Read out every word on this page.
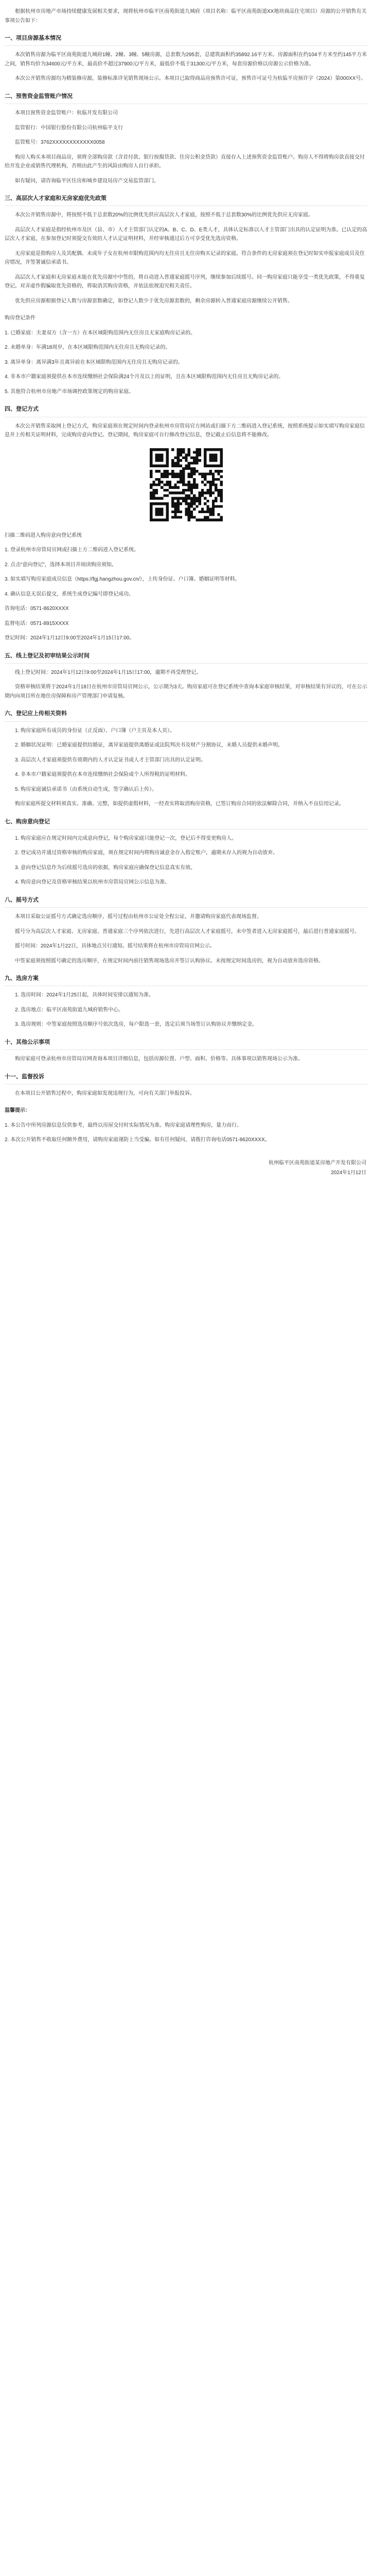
根据杭州市房地产市场持续健康发展相关要求，现将杭州市临平区南苑街道九城府（项目名称：临平区南苑街道XX地块商品住宅项目）房源的公开销售有关事项公告如下：

一、项目房源基本情况

本次销售房源为临平区南苑街道九城府1幢、2幢、3幢、5幢房源，总套数为295套，总建筑面积约35892.16平方米。房源面积在约104平方米至约145平方米之间，销售均价为34600元/平方米，最高价不超过37900元/平方米，最低价不低于31300元/平方米，每套房源价格以房源公示价格为准。

本次公开销售房源均为精装修房源，装修标准详见销售现场公示。本项目已取得商品房预售许可证，预售许可证号为杭临平房预许字（2024）第000XX号。

二、预售资金监管账户情况

本项目预售资金监管账户：杭临开发有限公司

监管银行：中国银行股份有限公司杭州临平支行

监管账号：3762XXXXXXXXXXXX0058

购房人购买本项目商品房，须将全部购房款（含首付款、银行按揭贷款、住房公积金贷款）直接存入上述预售资金监管账户。购房人不得将购房款直接交付给开发企业或销售代理机构，否则由此产生的风险由购房人自行承担。

如有疑问，请咨询临平区住房和城乡建设局房产交易监管部门。

三、高层次人才家庭和无房家庭优先政策

本次公开销售房源中，将按照不低于总套数20%的比例优先供应高层次人才家庭，按照不低于总套数30%的比例优先供应无房家庭。

高层次人才家庭是指经杭州市及区（县、市）人才主管部门认定的A、B、C、D、E类人才，具体认定标准以人才主管部门出具的认定证明为准。已认定的高层次人才家庭，在参加登记时须提交有效的人才认定证明材料，并经审核通过后方可享受优先选房资格。

无房家庭是指购房人及其配偶、未成年子女在杭州市限购范围内均无住房且无住房购买记录的家庭。符合条件的无房家庭须在登记时如实申报家庭成员及住房情况，并签署诚信承诺书。

高层次人才家庭和无房家庭未能在优先房源中中签的，将自动进入普通家庭摇号序列，继续参加后续摇号。同一购房家庭只能享受一类优先政策，不得重复登记。对弄虚作假骗取优先资格的，将取消其购房资格，并依法依规追究相关责任。

优先供应房源根据登记人数与房源套数确定，如登记人数少于优先房源套数的，剩余房源转入普通家庭房源继续公开销售。

购房登记条件

1. 已婚家庭：夫妻双方（含一方）在本区域限购范围内无住房且无家庭购房记录的。

2. 未婚单身：年满18周岁，在本区域限购范围内无住房且无购房记录的。

3. 离异单身：离异满3年且离异前在本区域限购范围内无住房且无购房记录的。

4. 非本市户籍家庭须提供在本市连续缴纳社会保险满24个月及以上的证明，且在本区域限购范围内无住房且无购房记录的。

5. 其他符合杭州市房地产市场调控政策规定的购房家庭。

四、登记方式

本次公开销售采取网上登记方式，购房家庭须在规定时间内登录杭州市房管局官方网站或扫描下方二维码进入登记系统，按照系统提示如实填写购房家庭信息并上传相关证明材料，完成购房意向登记。登记期间，购房家庭可自行修改登记信息，登记截止后信息将不能修改。

扫描二维码进入购房意向登记系统

1. 登录杭州市房管局官网或扫描上方二维码进入登记系统。

2. 点击“意向登记”，选择本项目并阅读购房须知。

3. 如实填写购房家庭成员信息（https://fgj.hangzhou.gov.cn/），上传身份证、户口簿、婚姻证明等材料。

4. 确认信息无误后提交，系统生成登记编号即登记成功。

咨询电话：0571-8620XXXX

监督电话：0571-8915XXXX

登记时间：2024年1月12日9:00至2024年1月15日17:00。

五、线上登记及初审结果公示时间

线上登记时间：2024年1月12日9:00至2024年1月15日17:00，逾期不再受理登记。

资格审核结果将于2024年1月18日在杭州市房管局官网公示，公示期为3天。购房家庭可在登记系统中查询本家庭审核结果，对审核结果有异议的，可在公示期内向项目所在地住房保障和房产管理部门申请复核。

六、登记应上传相关资料

1. 购房家庭所有成员的身份证（正反面）、户口簿（户主页及本人页）。

2. 婚姻状况证明：已婚家庭提供结婚证，离异家庭提供离婚证或法院判决书及财产分割协议，未婚人员提供未婚声明。

3. 高层次人才家庭须提供有效期内的人才认定证书或人才主管部门出具的认定证明。

4. 非本市户籍家庭须提供在本市连续缴纳社会保险或个人所得税的证明材料。

5. 购房家庭诚信承诺书（由系统自动生成，签字确认后上传）。

购房家庭所提交材料须真实、准确、完整，如提供虚假材料，一经查实将取消购房资格，已签订购房合同的依法解除合同，并纳入不良信用记录。

七、购房意向登记

1. 购房家庭应在规定时间内完成意向登记，每个购房家庭只能登记一次，登记后不得变更购房人。

2. 登记成功并通过资格审核的购房家庭，须在规定时间内将购房诚意金存入指定账户，逾期未存入的视为自动放弃。

3. 意向登记信息作为后续摇号选房的依据，购房家庭应确保登记信息真实有效。

4. 购房意向登记及资格审核结果以杭州市房管局官网公示信息为准。

八、摇号方式

本项目采取公证摇号方式确定选房顺序，摇号过程由杭州市公证处全程公证，并邀请购房家庭代表现场监督。

摇号分为高层次人才家庭、无房家庭、普通家庭三个序列依次进行，先进行高层次人才家庭摇号，未中签者进入无房家庭摇号，最后进行普通家庭摇号。

摇号时间：2024年1月22日，具体地点另行通知。摇号结果将在杭州市房管局官网公示。

中签家庭须按照摇号确定的选房顺序，在规定时间内前往销售现场选房并签订认购协议。未按规定时间选房的，视为自动放弃选房资格。

九、选房方案

1. 选房时间：2024年1月25日起，具体时间安排以通知为准。

2. 选房地点：临平区南苑街道九城府销售中心。

3. 选房规则：中签家庭按照选房顺序号依次选房，每户限选一套，选定后须当场签订认购协议并缴纳定金。

十、其他公示事项

购房家庭可登录杭州市房管局官网查询本项目详细信息，包括房源位置、户型、面积、价格等。具体事项以销售现场公示为准。

十一、监督投诉

在本项目公开销售过程中，购房家庭如发现违规行为，可向有关部门举报投诉。

温馨提示：

1. 本公告中所列房源信息仅供参考，最终以房屋交付时实际情况为准。购房家庭请理性购房，量力而行。

2. 本次公开销售不收取任何额外费用，请购房家庭谨防上当受骗。如有任何疑问，请拨打咨询电话0571-8620XXXX。

杭州临平区南苑街道某房地产开发有限公司
2024年1月12日
